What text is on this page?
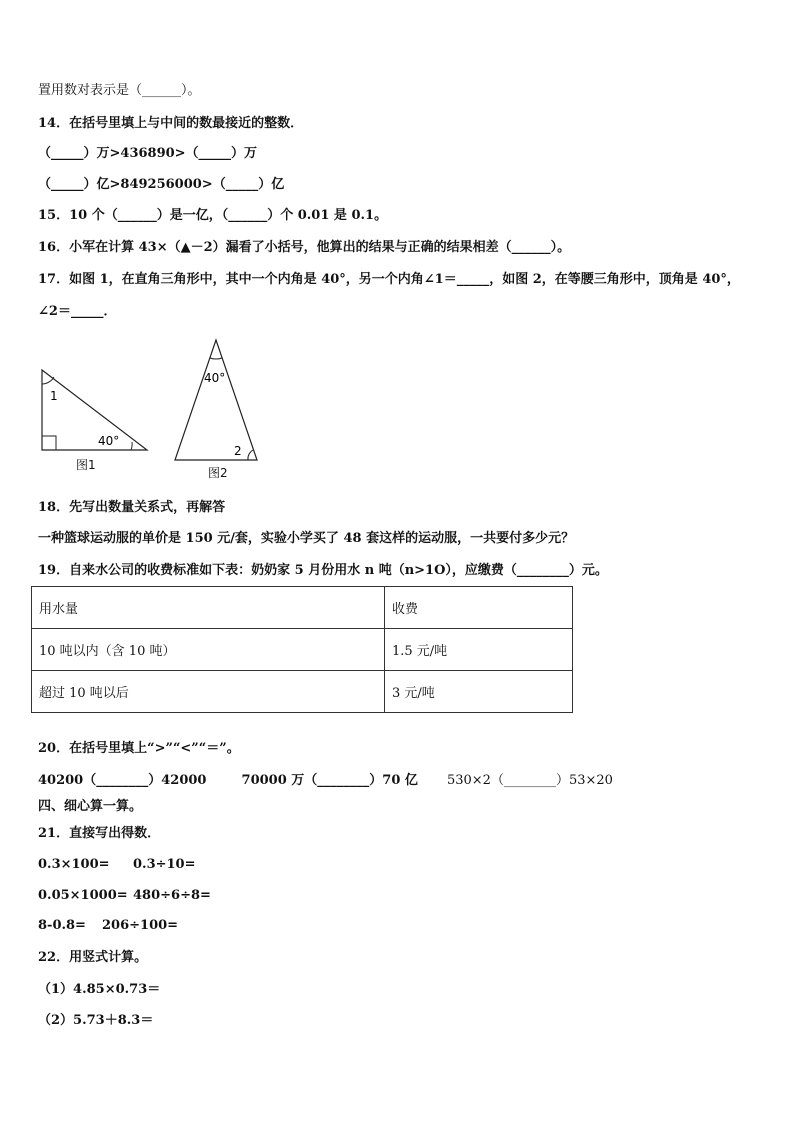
置用数对表示是（______）。
14．在括号里填上与中间的数最接近的整数．
（_____）万>436890>（_____）万
（_____）亿>849256000>（_____）亿
15．10 个（______）是一亿，（______）个 0.01 是 0.1。
16．小军在计算 43×（▲－2）漏看了小括号，他算出的结果与正确的结果相差（______）。
17．如图 1，在直角三角形中，其中一个内角是 40°，另一个内角∠1＝_____，如图 2，在等腰三角形中，顶角是 40°，
∠2＝_____．
1
40°
图1
40°
2
图2
18．先写出数量关系式，再解答
一种篮球运动服的单价是 150 元/套，实验小学买了 48 套这样的运动服，一共要付多少元？
19．自来水公司的收费标准如下表：奶奶家 5 月份用水 n 吨（n>1O），应缴费（________）元。
用水量	收费
10 吨以内（含 10 吨）	1.5 元/吨
超过 10 吨以后	3 元/吨
20．在括号里填上“>”“<”“＝”。
40200（________）42000	70000 万（________）70 亿 530×2（________）53×20
四、细心算一算。
21．直接写出得数．
0.3×100= 0.3÷10=
0.05×1000= 480÷6÷8=
8-0.8= 206÷100=
22．用竖式计算。
（1）4.85×0.73＝
（2）5.73＋8.3＝
